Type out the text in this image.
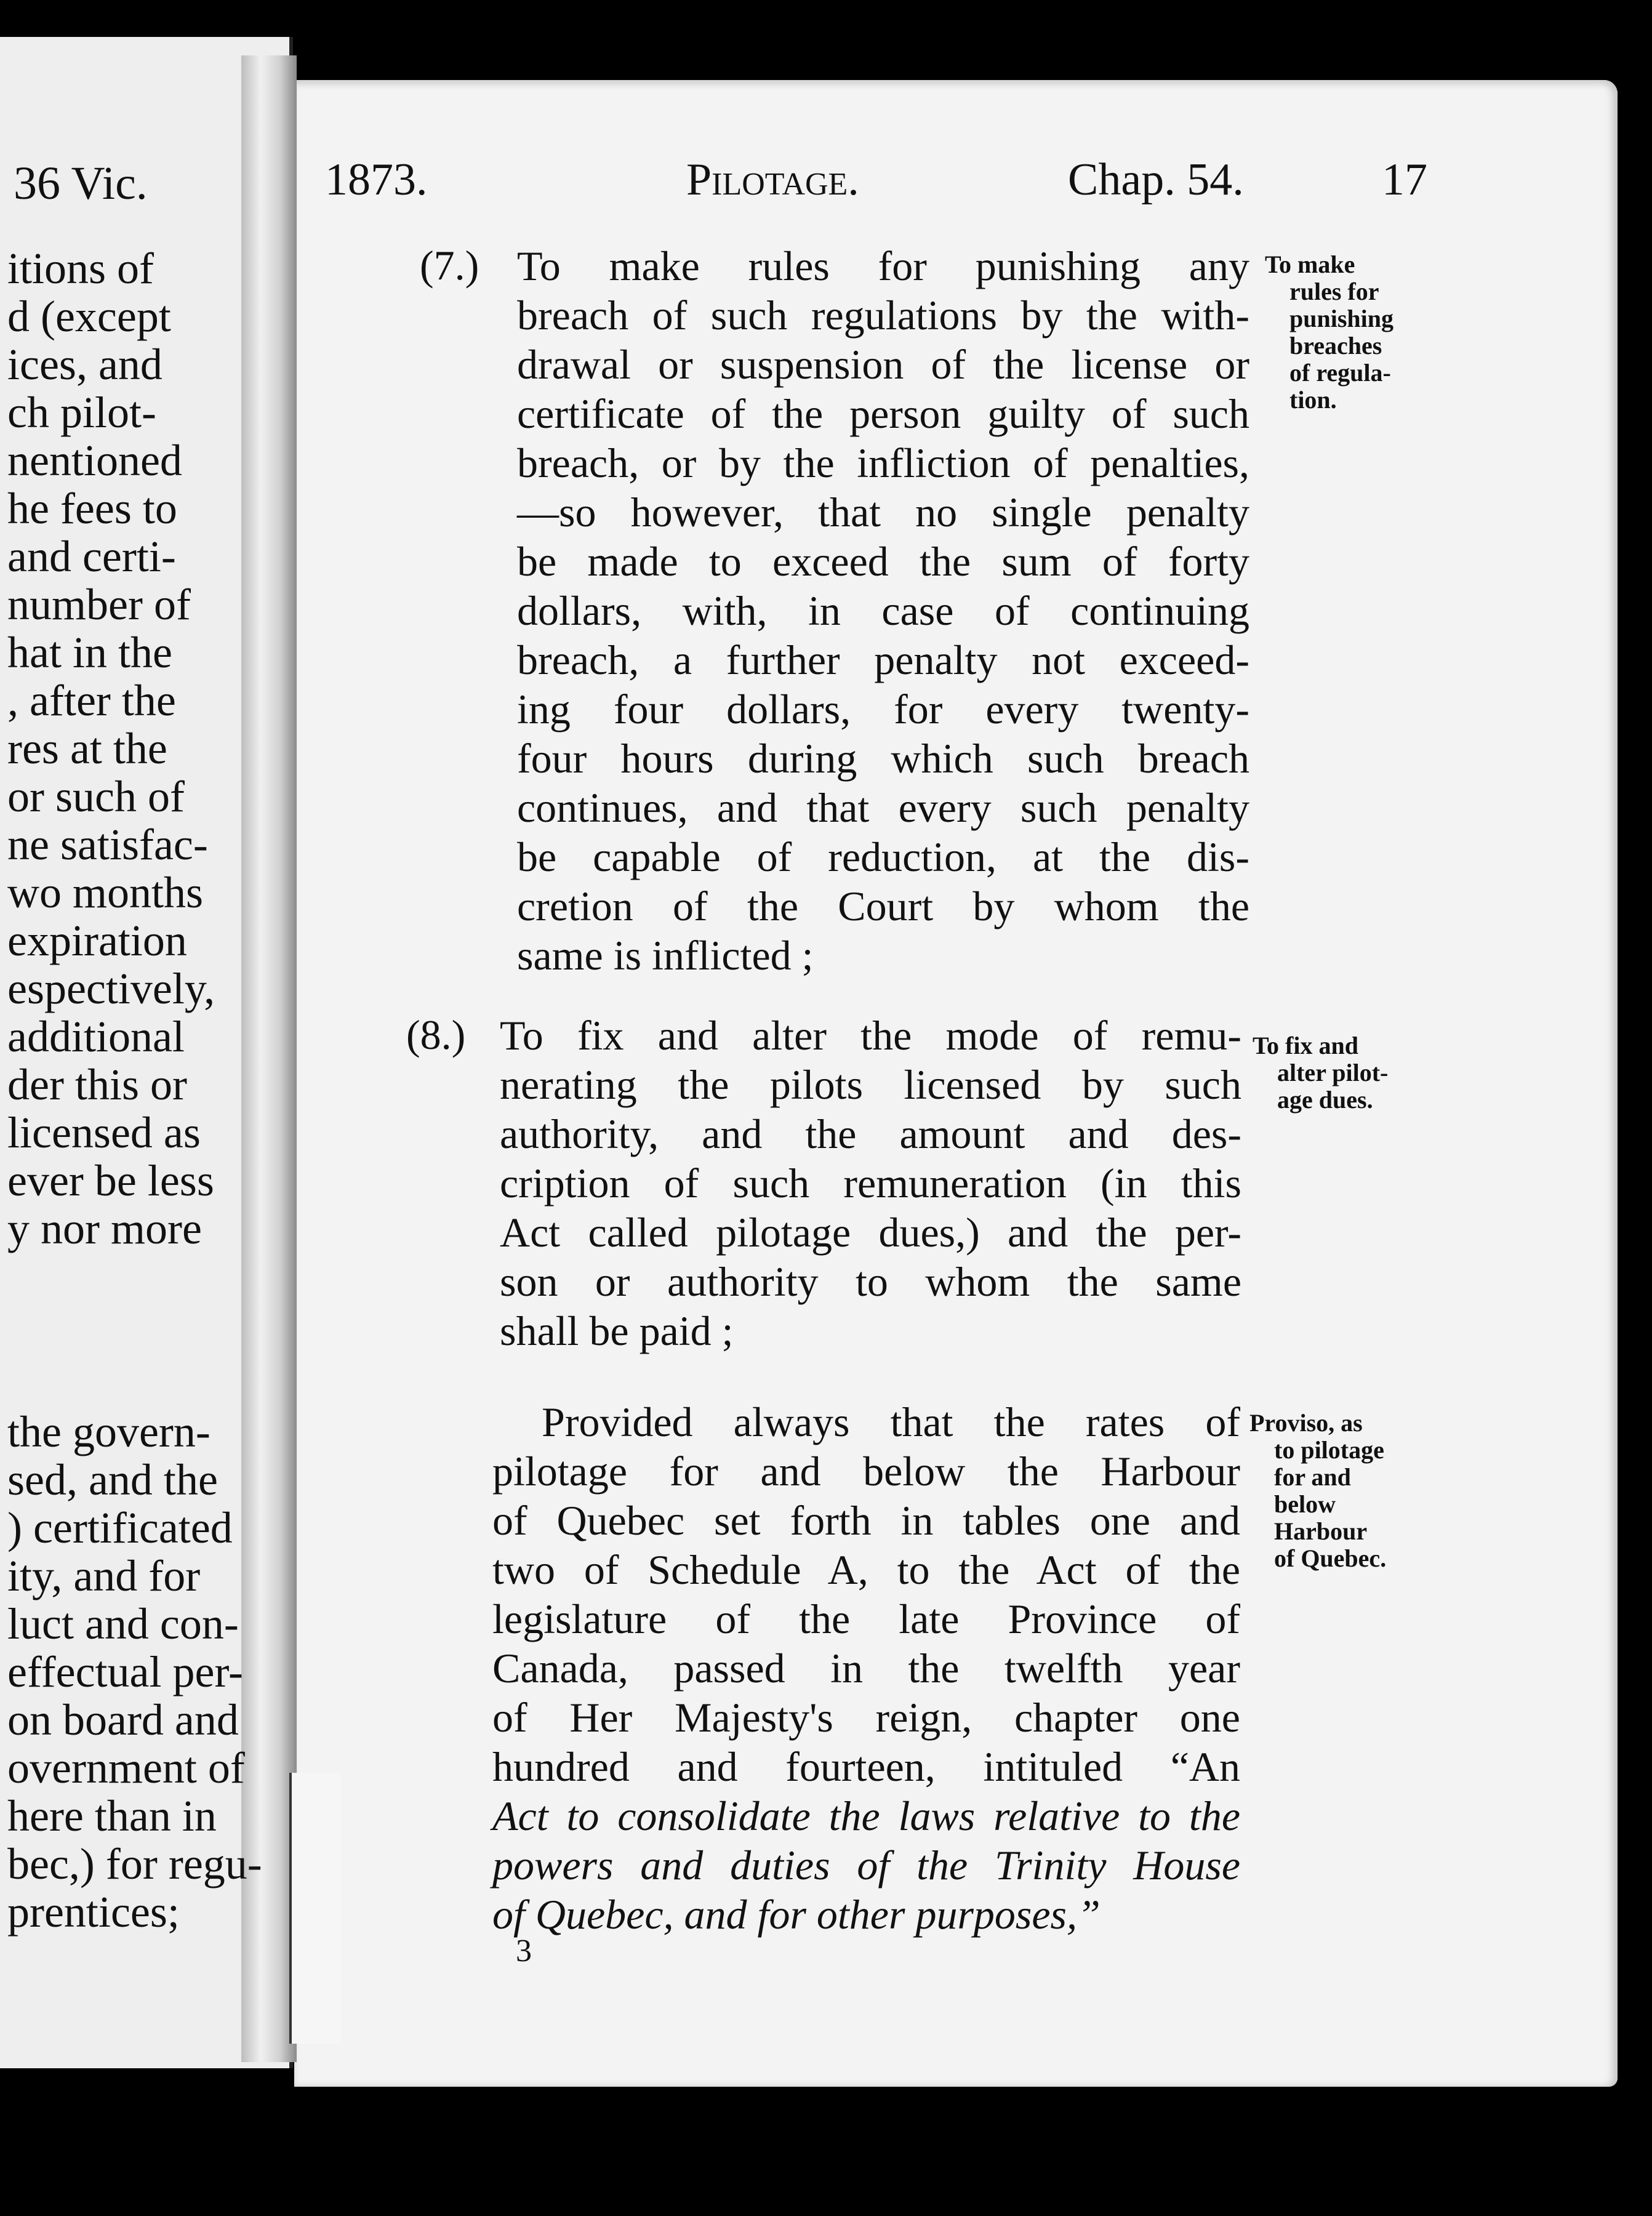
36 Vic.
itions of
d (except
ices, and
ch pilot-
nentioned
he fees to
and certi-
number of
hat in the
, after the
res at the
or such of
ne satisfac-
wo months
expiration
espectively,
additional
der this or
licensed as
ever be less
y nor more
the govern-
sed, and the
) certificated
ity, and for
luct and con-
effectual per-
on board and
overnment of
here than in
bec,) for regu-
prentices;
1873.	Pilotage.	Chap. 54.	17
(7.) To make rules for punishing any
breach of such regulations by the with-
drawal or suspension of the license or
certificate of the person guilty of such
breach, or by the infliction of penalties,
—so however, that no single penalty
be made to exceed the sum of forty
dollars, with, in case of continuing
breach, a further penalty not exceed-
ing four dollars, for every twenty-
four hours during which such breach
continues, and that every such penalty
be capable of reduction, at the dis-
cretion of the Court by whom the
same is inflicted ;
To make
rules for
punishing
breaches
of regula-
tion.
(8.) To fix and alter the mode of remu-
nerating the pilots licensed by such
authority, and the amount and des-
cription of such remuneration (in this
Act called pilotage dues,) and the per-
son or authority to whom the same
shall be paid ;
To fix and
alter pilot-
age dues.
Provided always that the rates of
pilotage for and below the Harbour
of Quebec set forth in tables one and
two of Schedule A, to the Act of the
legislature of the late Province of
Canada, passed in the twelfth year
of Her Majesty's reign, chapter one
hundred and fourteen, intituled “An
Act to consolidate the laws relative to the
powers and duties of the Trinity House
of Quebec, and for other purposes,”
Proviso, as
to pilotage
for and
below
Harbour
of Quebec.
3
